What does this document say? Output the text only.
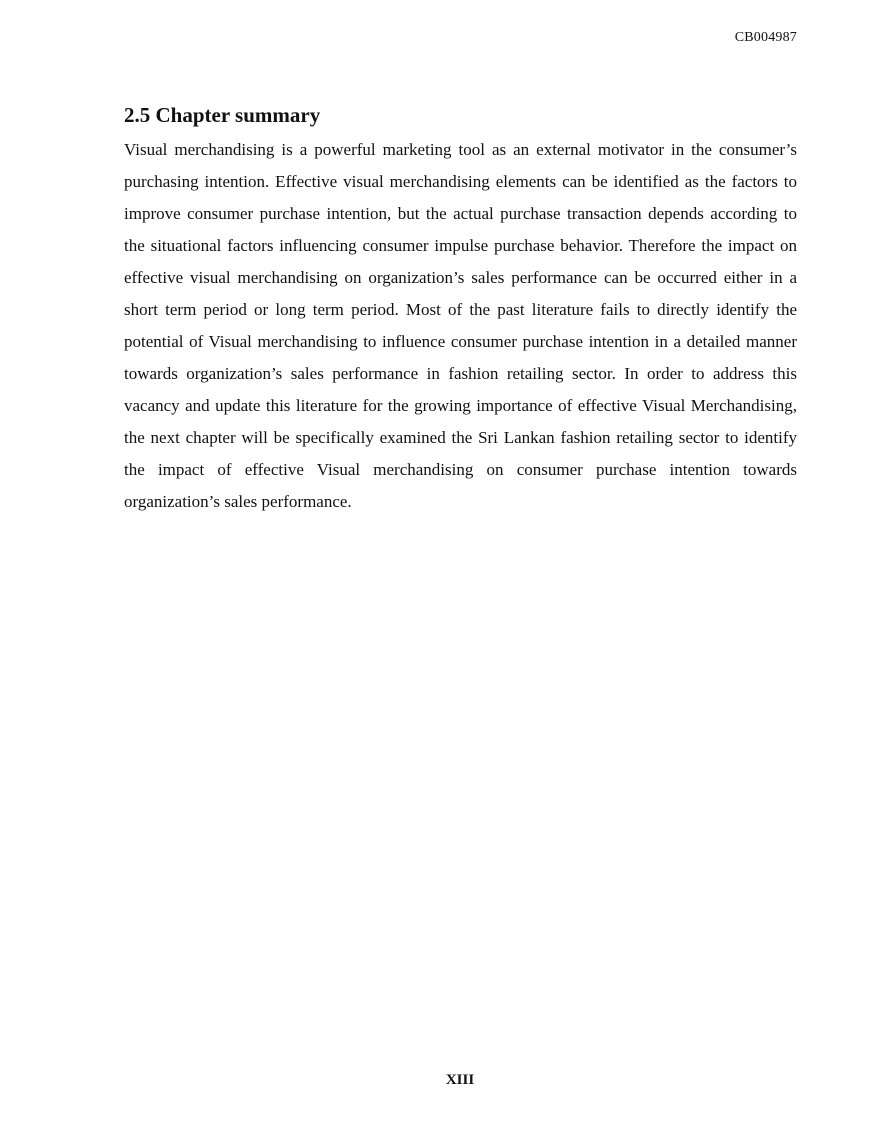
CB004987
2.5 Chapter summary

Visual merchandising is a powerful marketing tool as an external motivator in the consumer’s purchasing intention. Effective visual merchandising elements can be identified as the factors to improve consumer purchase intention, but the actual purchase transaction depends according to the situational factors influencing consumer impulse purchase behavior. Therefore the impact on effective visual merchandising on organization’s sales performance can be occurred either in a short term period or long term period. Most of the past literature fails to directly identify the potential of Visual merchandising to influence consumer purchase intention in a detailed manner towards organization’s sales performance in fashion retailing sector. In order to address this vacancy and update this literature for the growing importance of effective Visual Merchandising, the next chapter will be specifically examined the Sri Lankan fashion retailing sector to identify the impact of effective Visual merchandising on consumer purchase intention towards organization’s sales performance.

XIII
